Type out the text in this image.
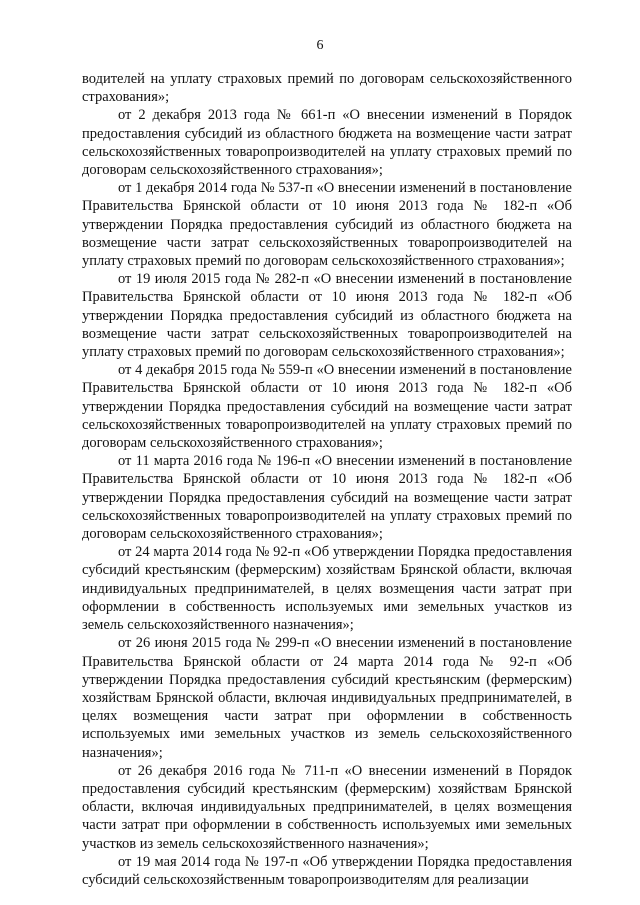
6

водителей на уплату страховых премий по договорам сельскохозяйственного страхования»;

от 2 декабря 2013 года № 661-п «О внесении изменений в Порядок предоставления субсидий из областного бюджета на возмещение части затрат сельскохозяйственных товаропроизводителей на уплату страховых премий по договорам сельскохозяйственного страхования»;

от 1 декабря 2014 года № 537-п «О внесении изменений в постановление Правительства Брянской области от 10 июня 2013 года № 182-п «Об утверждении Порядка предоставления субсидий из областного бюджета на возмещение части затрат сельскохозяйственных товаропроизводителей на уплату страховых премий по договорам сельскохозяйственного страхования»;

от 19 июля 2015 года № 282-п «О внесении изменений в постановление Правительства Брянской области от 10 июня 2013 года № 182-п «Об утверждении Порядка предоставления субсидий из областного бюджета на возмещение части затрат сельскохозяйственных товаропроизводителей на уплату страховых премий по договорам сельскохозяйственного страхования»;

от 4 декабря 2015 года № 559-п «О внесении изменений в постановление Правительства Брянской области от 10 июня 2013 года № 182-п «Об утверждении Порядка предоставления субсидий на возмещение части затрат сельскохозяйственных товаропроизводителей на уплату страховых премий по договорам сельскохозяйственного страхования»;

от 11 марта 2016 года № 196-п «О внесении изменений в постановление Правительства Брянской области от 10 июня 2013 года № 182-п «Об утверждении Порядка предоставления субсидий на возмещение части затрат сельскохозяйственных товаропроизводителей на уплату страховых премий по договорам сельскохозяйственного страхования»;

от 24 марта 2014 года № 92-п «Об утверждении Порядка предоставления субсидий крестьянским (фермерским) хозяйствам Брянской области, включая индивидуальных предпринимателей, в целях возмещения части затрат при оформлении в собственность используемых ими земельных участков из земель сельскохозяйственного назначения»;

от 26 июня 2015 года № 299-п «О внесении изменений в постановление Правительства Брянской области от 24 марта 2014 года № 92-п «Об утверждении Порядка предоставления субсидий крестьянским (фермерским) хозяйствам Брянской области, включая индивидуальных предпринимателей, в целях возмещения части затрат при оформлении в собственность используемых ими земельных участков из земель сельскохозяйственного назначения»;

от 26 декабря 2016 года № 711-п «О внесении изменений в Порядок предоставления субсидий крестьянским (фермерским) хозяйствам Брянской области, включая индивидуальных предпринимателей, в целях возмещения части затрат при оформлении в собственность используемых ими земельных участков из земель сельскохозяйственного назначения»;

от 19 мая 2014 года № 197-п «Об утверждении Порядка предоставления субсидий сельскохозяйственным товаропроизводителям для реализации
